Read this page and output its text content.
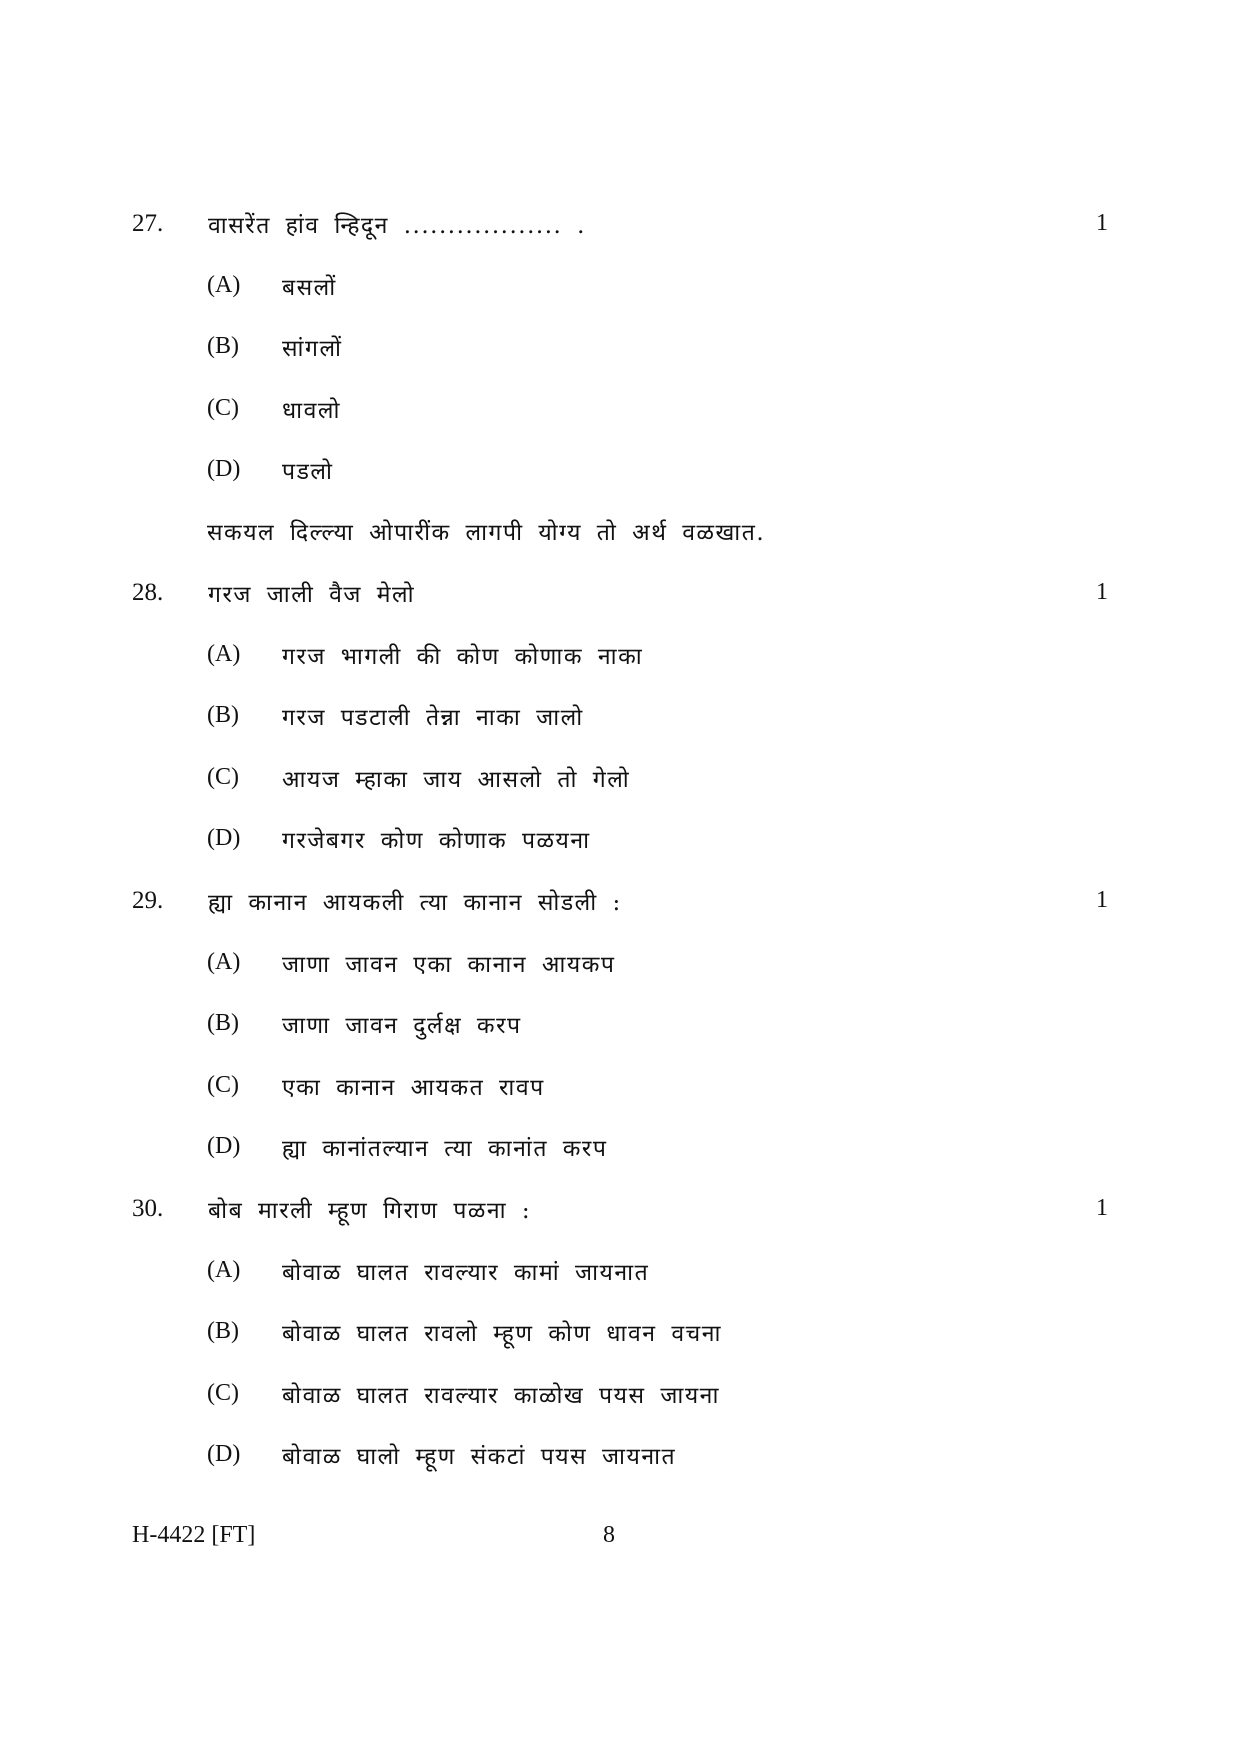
27. वासरेंत हांव न्हिदून .................. .	1
(A) बसलों
(B) सांगलों
(C) धावलो
(D) पडलो
सकयल दिल्ल्या ओपारींक लागपी योग्य तो अर्थ वळखात.
28. गरज जाली वैज मेलो	1
(A) गरज भागली की कोण कोणाक नाका
(B) गरज पडटाली तेन्ना नाका जालो
(C) आयज म्हाका जाय आसलो तो गेलो
(D) गरजेबगर कोण कोणाक पळयना
29. ह्या कानान आयकली त्या कानान सोडली :	1
(A) जाणा जावन एका कानान आयकप
(B) जाणा जावन दुर्लक्ष करप
(C) एका कानान आयकत रावप
(D) ह्या कानांतल्यान त्या कानांत करप
30. बोब मारली म्हूण गिराण पळना :	1
(A) बोवाळ घालत रावल्यार कामां जायनात
(B) बोवाळ घालत रावलो म्हूण कोण धावन वचना
(C) बोवाळ घालत रावल्यार काळोख पयस जायना
(D) बोवाळ घालो म्हूण संकटां पयस जायनात
H-4422 [FT]	8
